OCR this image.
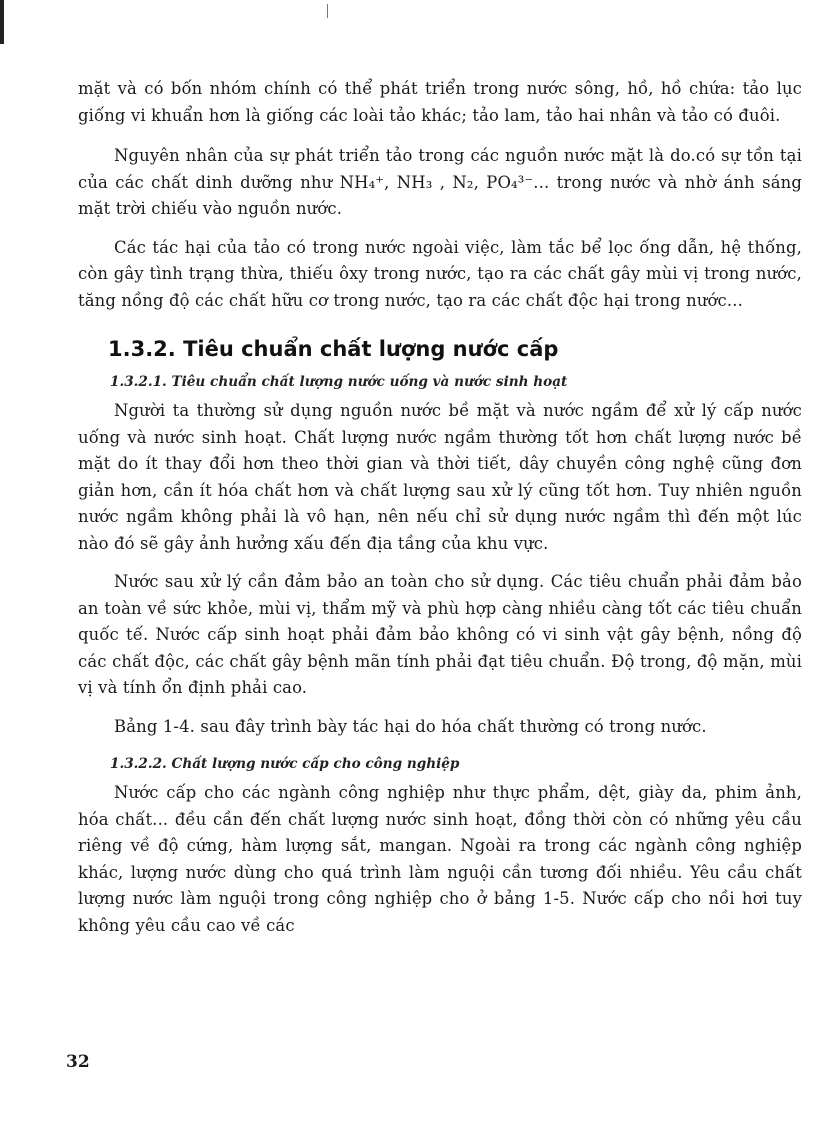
mặt và có bốn nhóm chính có thể phát triển trong nước sông, hồ, hồ chứa: tảo lục giống vi khuẩn hơn là giống các loài tảo khác; tảo lam, tảo hai nhân và tảo có đuôi.

Nguyên nhân của sự phát triển tảo trong các nguồn nước mặt là do.có sự tồn tại của các chất dinh dưỡng như NH₄⁺, NH₃ , N₂, PO₄³⁻... trong nước và nhờ ánh sáng mặt trời chiếu vào nguồn nước.

Các tác hại của tảo có trong nước ngoài việc, làm tắc bể lọc ống dẫn, hệ thống, còn gây tình trạng thừa, thiếu ôxy trong nước, tạo ra các chất gây mùi vị trong nước, tăng nồng độ các chất hữu cơ trong nước, tạo ra các chất độc hại trong nước...

1.3.2. Tiêu chuẩn chất lượng nước cấp
1.3.2.1. Tiêu chuẩn chất lượng nước uống và nước sinh hoạt

Người ta thường sử dụng nguồn nước bề mặt và nước ngầm để xử lý cấp nước uống và nước sinh hoạt. Chất lượng nước ngầm thường tốt hơn chất lượng nước bề mặt do ít thay đổi hơn theo thời gian và thời tiết, dây chuyền công nghệ cũng đơn giản hơn, cần ít hóa chất hơn và chất lượng sau xử lý cũng tốt hơn. Tuy nhiên nguồn nước ngầm không phải là vô hạn, nên nếu chỉ sử dụng nước ngầm thì đến một lúc nào đó sẽ gây ảnh hưởng xấu đến địa tầng của khu vực.

Nước sau xử lý cần đảm bảo an toàn cho sử dụng. Các tiêu chuẩn phải đảm bảo an toàn về sức khỏe, mùi vị, thẩm mỹ và phù hợp càng nhiều càng tốt các tiêu chuẩn quốc tế. Nước cấp sinh hoạt phải đảm bảo không có vi sinh vật gây bệnh, nồng độ các chất độc, các chất gây bệnh mãn tính phải đạt tiêu chuẩn. Độ trong, độ mặn, mùi vị và tính ổn định phải cao.

Bảng 1-4. sau đây trình bày tác hại do hóa chất thường có trong nước.

1.3.2.2. Chất lượng nước cấp cho công nghiệp

Nước cấp cho các ngành công nghiệp như thực phẩm, dệt, giày da, phim ảnh, hóa chất... đều cần đến chất lượng nước sinh hoạt, đồng thời còn có những yêu cầu riêng về độ cứng, hàm lượng sắt, mangan. Ngoài ra trong các ngành công nghiệp khác, lượng nước dùng cho quá trình làm nguội cần tương đối nhiều. Yêu cầu chất lượng nước làm nguội trong công nghiệp cho ở bảng 1-5. Nước cấp cho nồi hơi tuy không yêu cầu cao về các

32
